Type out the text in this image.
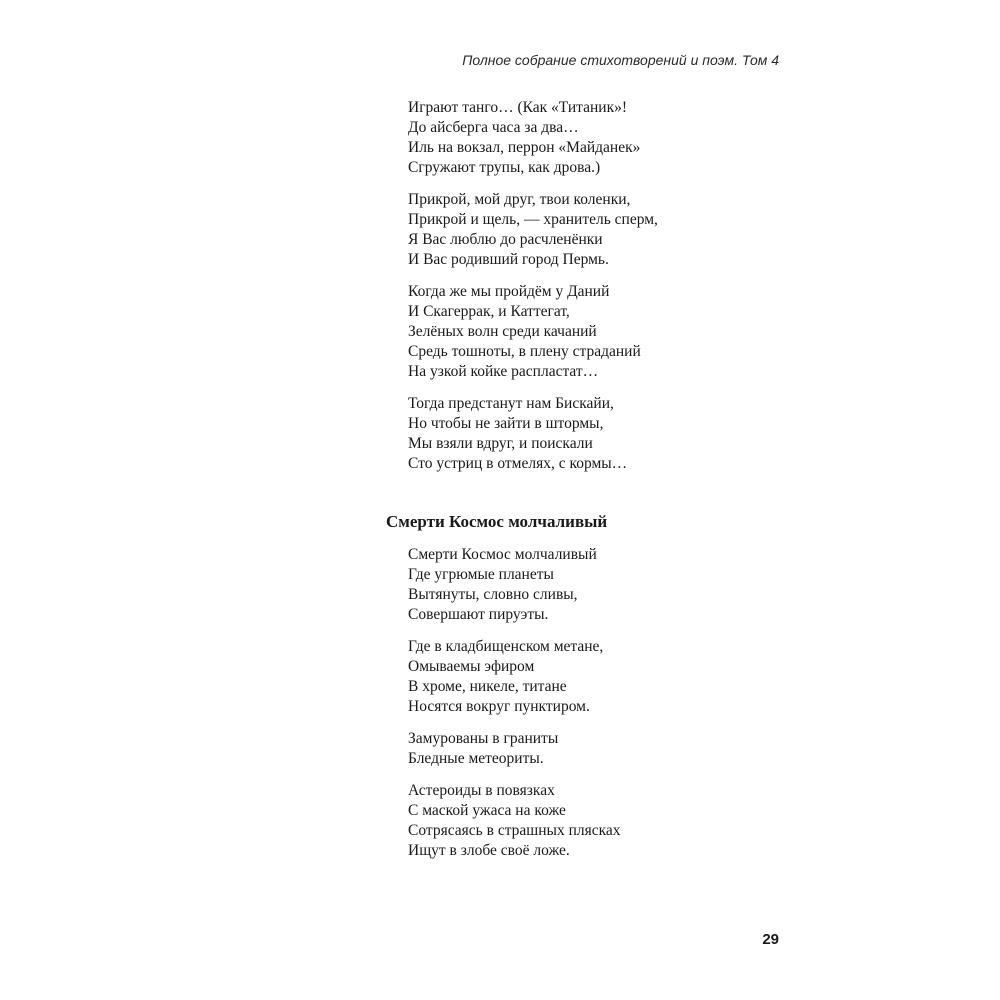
Полное собрание стихотворений и поэм. Том 4
Играют танго… (Как «Титаник»!
До айсберга часа за два…
Иль на вокзал, перрон «Майданек»
Сгружают трупы, как дрова.)
Прикрой, мой друг, твои коленки,
Прикрой и щель, — хранитель сперм,
Я Вас люблю до расчленёнки
И Вас родивший город Пермь.
Когда же мы пройдём у Даний
И Скагеррак, и Каттегат,
Зелёных волн среди качаний
Средь тошноты, в плену страданий
На узкой койке распластат…
Тогда предстанут нам Бискайи,
Но чтобы не зайти в штормы,
Мы взяли вдруг, и поискали
Сто устриц в отмелях, с кормы…
Смерти Космос молчаливый
Смерти Космос молчаливый
Где угрюмые планеты
Вытянуты, словно сливы,
Совершают пируэты.
Где в кладбищенском метане,
Омываемы эфиром
В хроме, никеле, титане
Носятся вокруг пунктиром.
Замурованы в граниты
Бледные метеориты.
Астероиды в повязках
С маской ужаса на коже
Сотрясаясь в страшных плясках
Ищут в злобе своё ложе.
29
